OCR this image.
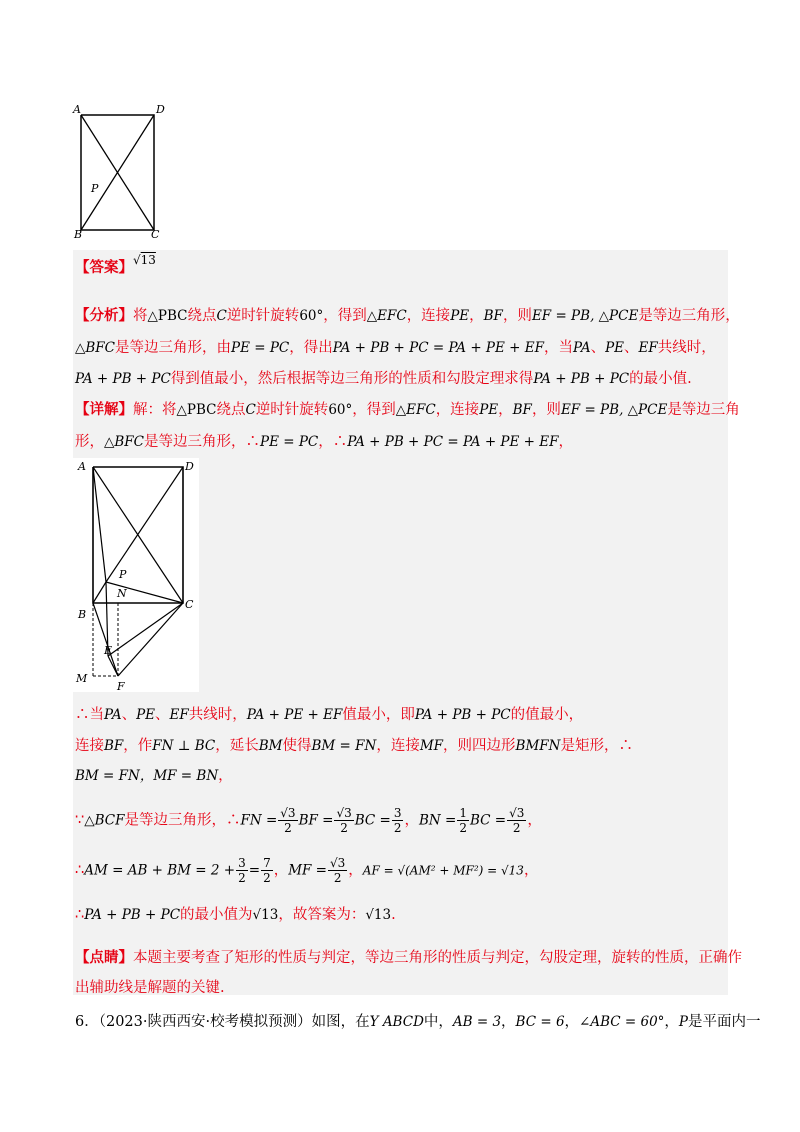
A	D
P
B	C
【答案】$^{√13}$
【分析】将△PBC绕点C逆时针旋转60°，得到△EFC，连接PE，BF，则EF = PB, △PCE是等边三角形，
△BFC是等边三角形，由PE = PC，得出PA + PB + PC = PA + PE + EF，当PA、PE、EF共线时，
PA + PB + PC得到值最小，然后根据等边三角形的性质和勾股定理求得PA + PB + PC的最小值.
【详解】解：将△PBC绕点C逆时针旋转60°，得到△EFC，连接PE，BF，则EF = PB, △PCE是等边三角
形，△BFC是等边三角形，∴PE = PC，∴PA + PB + PC = PA + PE + EF，
A	D
P
N
B
C
E
M
F
∴当PA、PE、EF共线时，PA + PE + EF值最小，即PA + PB + PC的值最小，
连接BF，作FN ⊥ BC，延长BM使得BM = FN，连接MF，则四边形BMFN是矩形，∴
BM = FN，MF = BN，
∵△BCF是等边三角形，∴FN = $\frac{√3}{2}$ BF = $\frac{√3}{2}$ BC = $\frac{3}{2}$ ，BN = $\frac{1}{2}$ BC = $\frac{√3}{2}$ ，
∴AM = AB + BM = $2 + \frac{3}{2} = \frac{7}{2}$ ，MF = $\frac{√3}{2}$ ，AF = √(AM² + MF²) = √13，
∴PA + PB + PC的最小值为√13，故答案为：√13.
【点睛】本题主要考查了矩形的性质与判定，等边三角形的性质与判定，勾股定理，旋转的性质，正确作
出辅助线是解题的关键.
6．（2023·陕西西安·校考模拟预测）如图，在Y ABCD中，AB = 3，BC = 6，∠ABC = 60°，P是平面内一
